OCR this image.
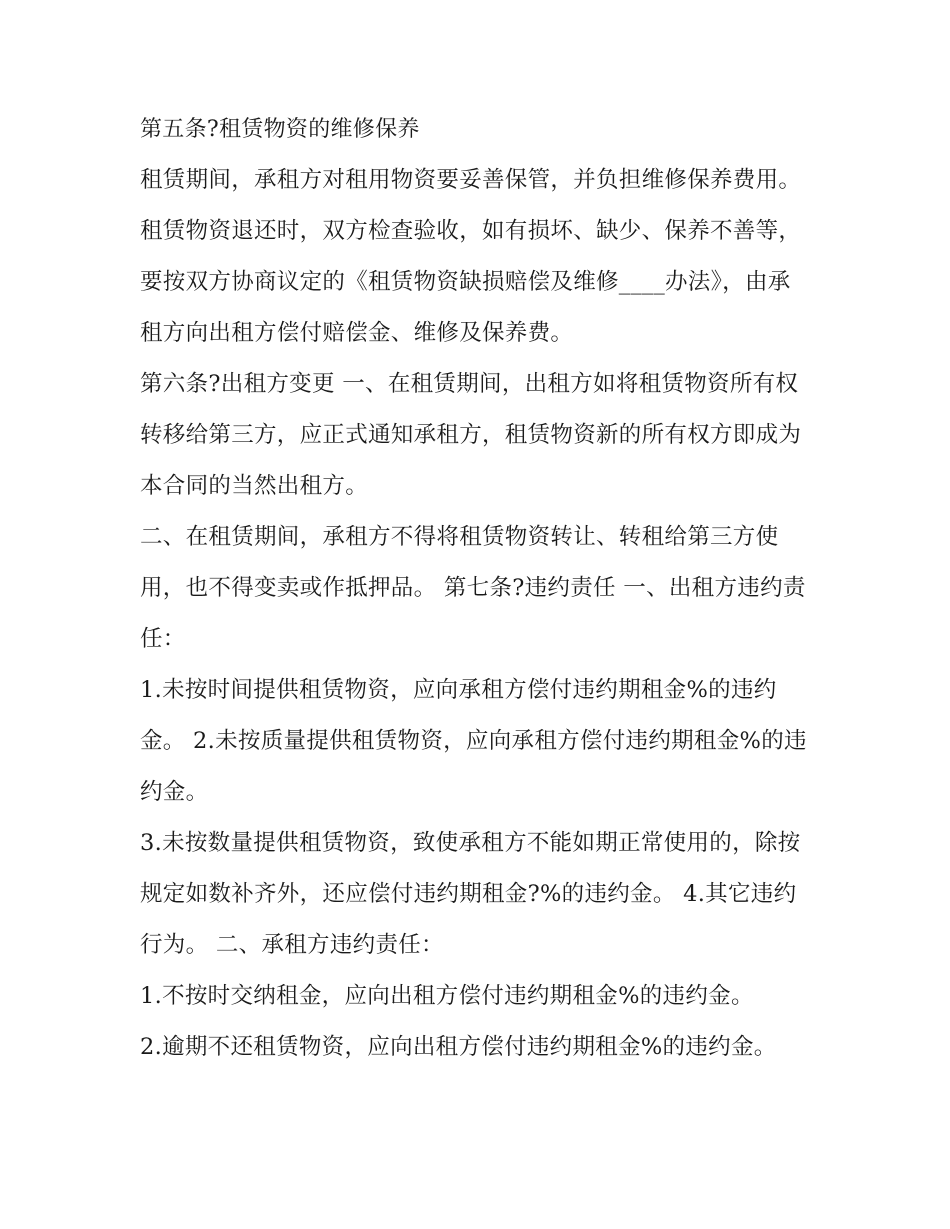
第五条?租赁物资的维修保养

租赁期间，承租方对租用物资要妥善保管，并负担维修保养费用。租赁物资退还时，双方检查验收，如有损坏、缺少、保养不善等，要按双方协商议定的《租赁物资缺损赔偿及维修____办法》，由承租方向出租方偿付赔偿金、维修及保养费。

第六条?出租方变更 一、在租赁期间，出租方如将租赁物资所有权转移给第三方，应正式通知承租方，租赁物资新的所有权方即成为本合同的当然出租方。

二、在租赁期间，承租方不得将租赁物资转让、转租给第三方使用，也不得变卖或作抵押品。 第七条?违约责任 一、出租方违约责任：

1.未按时间提供租赁物资，应向承租方偿付违约期租金%的违约金。 2.未按质量提供租赁物资，应向承租方偿付违约期租金%的违约金。

3.未按数量提供租赁物资，致使承租方不能如期正常使用的，除按规定如数补齐外，还应偿付违约期租金?%的违约金。 4.其它违约行为。 二、承租方违约责任：

1.不按时交纳租金，应向出租方偿付违约期租金%的违约金。

2.逾期不还租赁物资，应向出租方偿付违约期租金%的违约金。
